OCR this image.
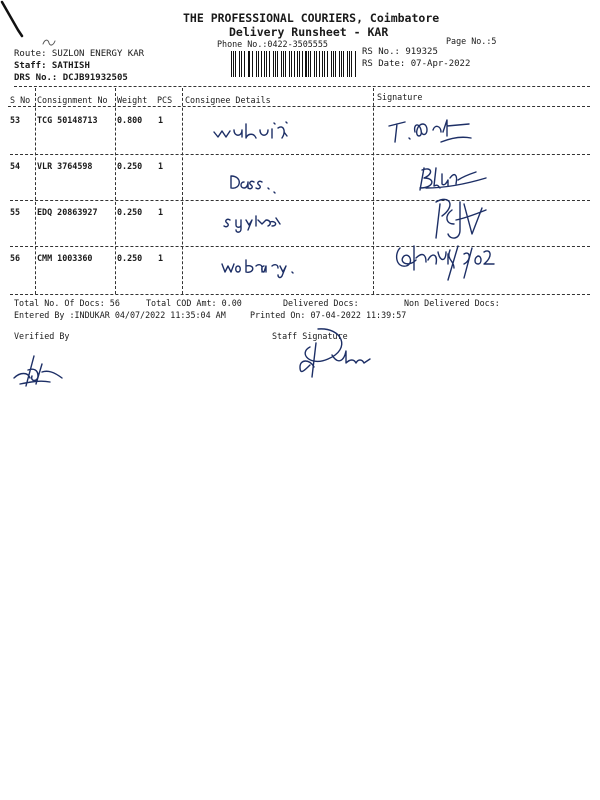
THE PROFESSIONAL COURIERS, Coimbatore
Delivery Runsheet - KAR
Phone No.:0422-3505555	Page No.:5
Route: SUZLON ENERGY KAR
Staff: SATHISH
DRS No.: DCJB91932505
RS No.: 919325
RS Date: 07-Apr-2022
S No Consignment No Weight PCS Consignee Details	Signature
53 TCG 50148713 0.800 1
54 VLR 3764598	0.250 1
55 EDQ 20863927 0.250 1
56 CMM 1003360	0.250 1
Total No. Of Docs: 56	Total COD Amt: 0.00	Delivered Docs:	Non Delivered Docs:
Entered By :INDUKAR 04/07/2022 11:35:04 AM	Printed On: 07-04-2022 11:39:57
Verified By	Staff Signature
